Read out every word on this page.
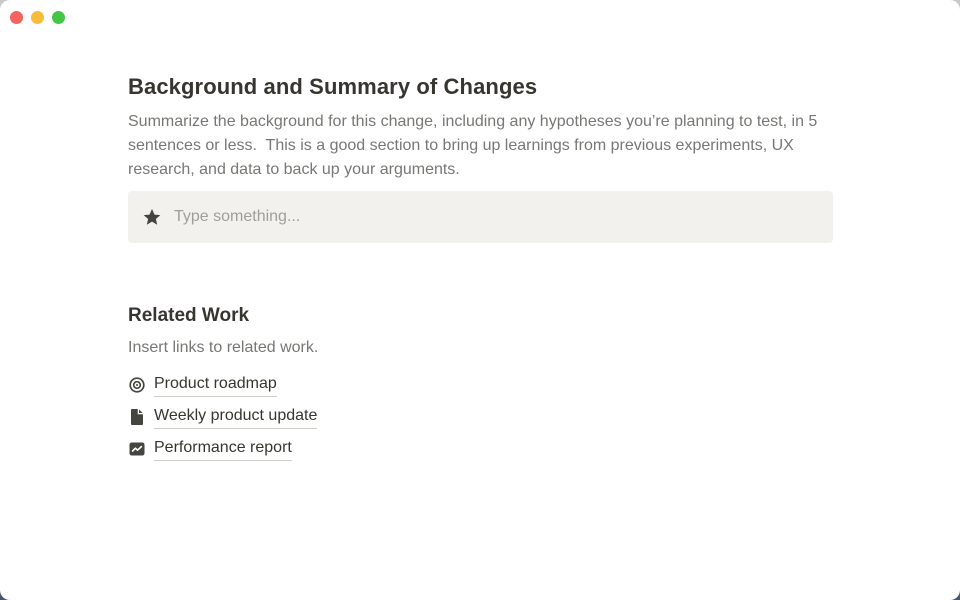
Background and Summary of Changes

Summarize the background for this change, including any hypotheses you’re planning to test, in 5 sentences or less.  This is a good section to bring up learnings from previous experiments, UX research, and data to back up your arguments.

Type something...
Related Work

Insert links to related work.

Product roadmap
Weekly product update
Performance report
